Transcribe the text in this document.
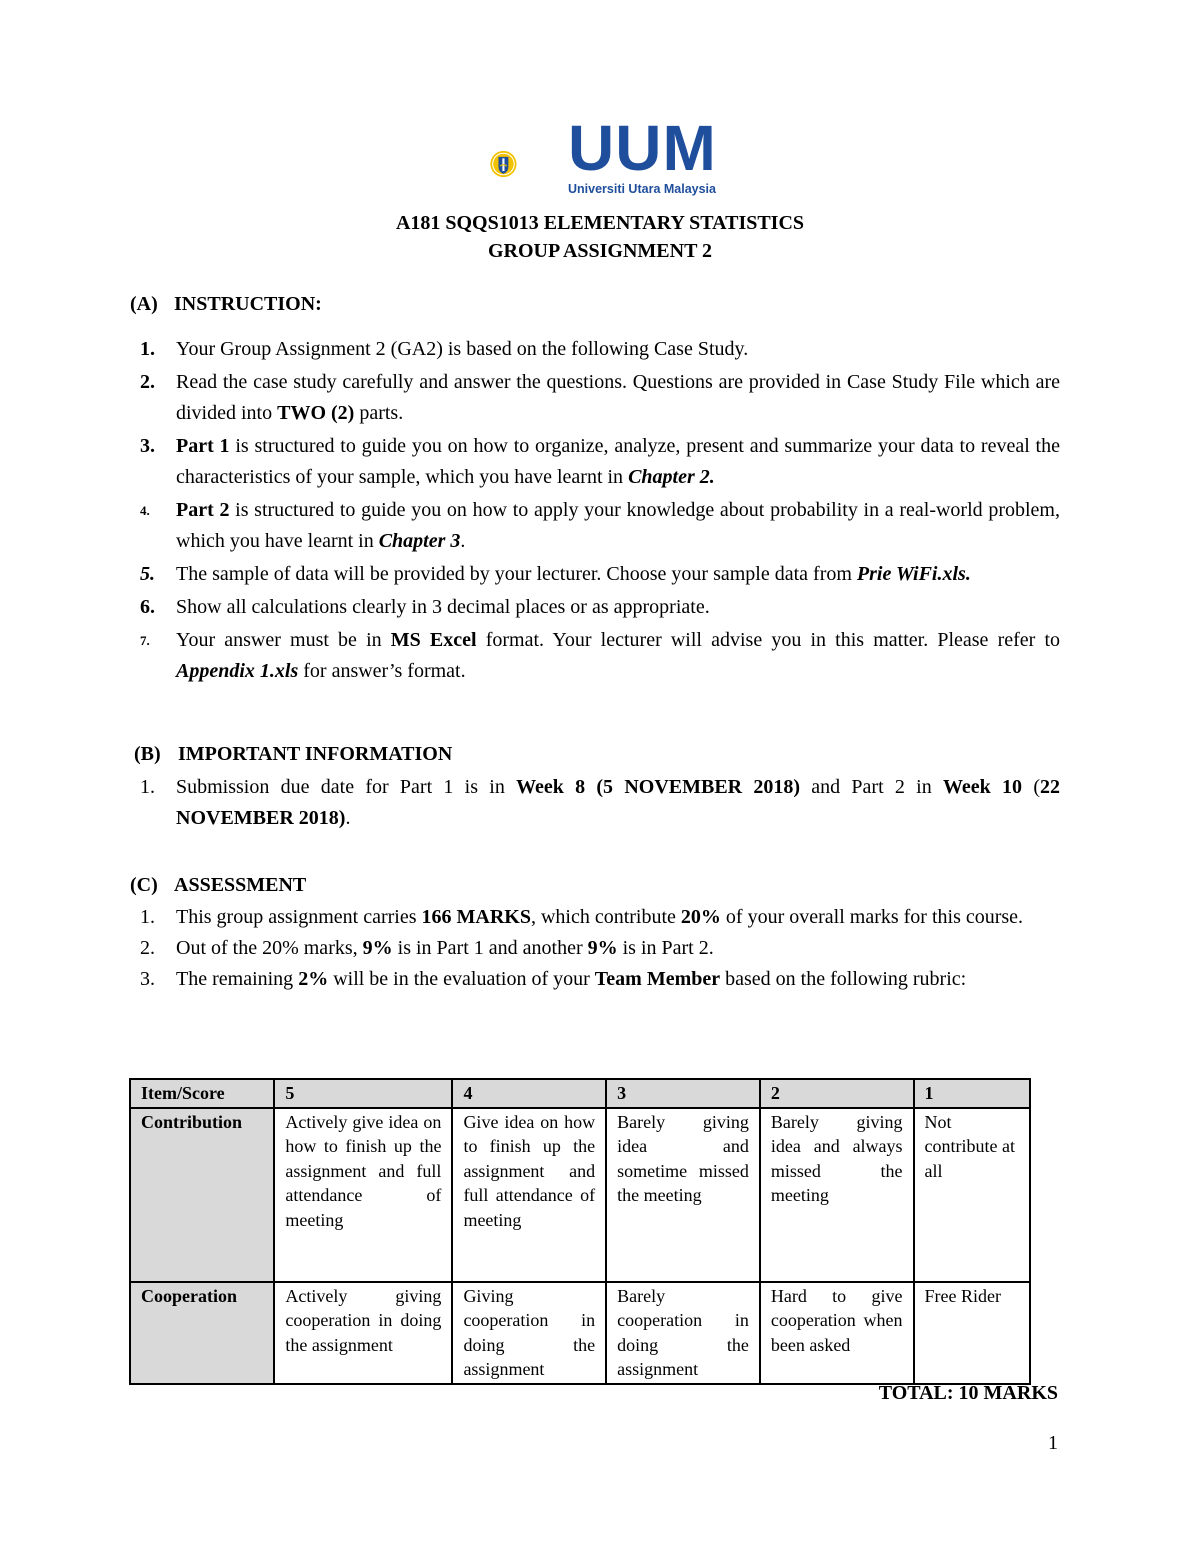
UUM
Universiti Utara Malaysia
A181 SQQS1013 ELEMENTARY STATISTICS
GROUP ASSIGNMENT 2
(A) INSTRUCTION:
1. Your Group Assignment 2 (GA2) is based on the following Case Study.
2. Read the case study carefully and answer the questions. Questions are provided in Case Study File which are divided into TWO (2) parts.
3. Part 1 is structured to guide you on how to organize, analyze, present and summarize your data to reveal the characteristics of your sample, which you have learnt in Chapter 2.
4. Part 2 is structured to guide you on how to apply your knowledge about probability in a real-world problem, which you have learnt in Chapter 3.
5. The sample of data will be provided by your lecturer. Choose your sample data from Prie WiFi.xls.
6. Show all calculations clearly in 3 decimal places or as appropriate.
7. Your answer must be in MS Excel format. Your lecturer will advise you in this matter. Please refer to Appendix 1.xls for answer’s format.
(B) IMPORTANT INFORMATION
1. Submission due date for Part 1 is in Week 8 (5 NOVEMBER 2018) and Part 2 in Week 10 (22 NOVEMBER 2018).
(C) ASSESSMENT
1. This group assignment carries 166 MARKS, which contribute 20% of your overall marks for this course.
2. Out of the 20% marks, 9% is in Part 1 and another 9% is in Part 2.
3. The remaining 2% will be in the evaluation of your Team Member based on the following rubric:
Item/Score	5	4	3	2	1
Contribution	Actively give idea on how to finish up the assignment and full attendance of meeting	Give idea on how to finish up the assignment and full attendance of meeting	Barely giving idea and sometime missed the meeting	Barely giving idea and always missed the meeting	Not contribute at all
Cooperation	Actively giving cooperation in doing the assignment	Giving cooperation in doing the assignment	Barely cooperation in doing the assignment	Hard to give cooperation when been asked	Free Rider
TOTAL: 10 MARKS
1
